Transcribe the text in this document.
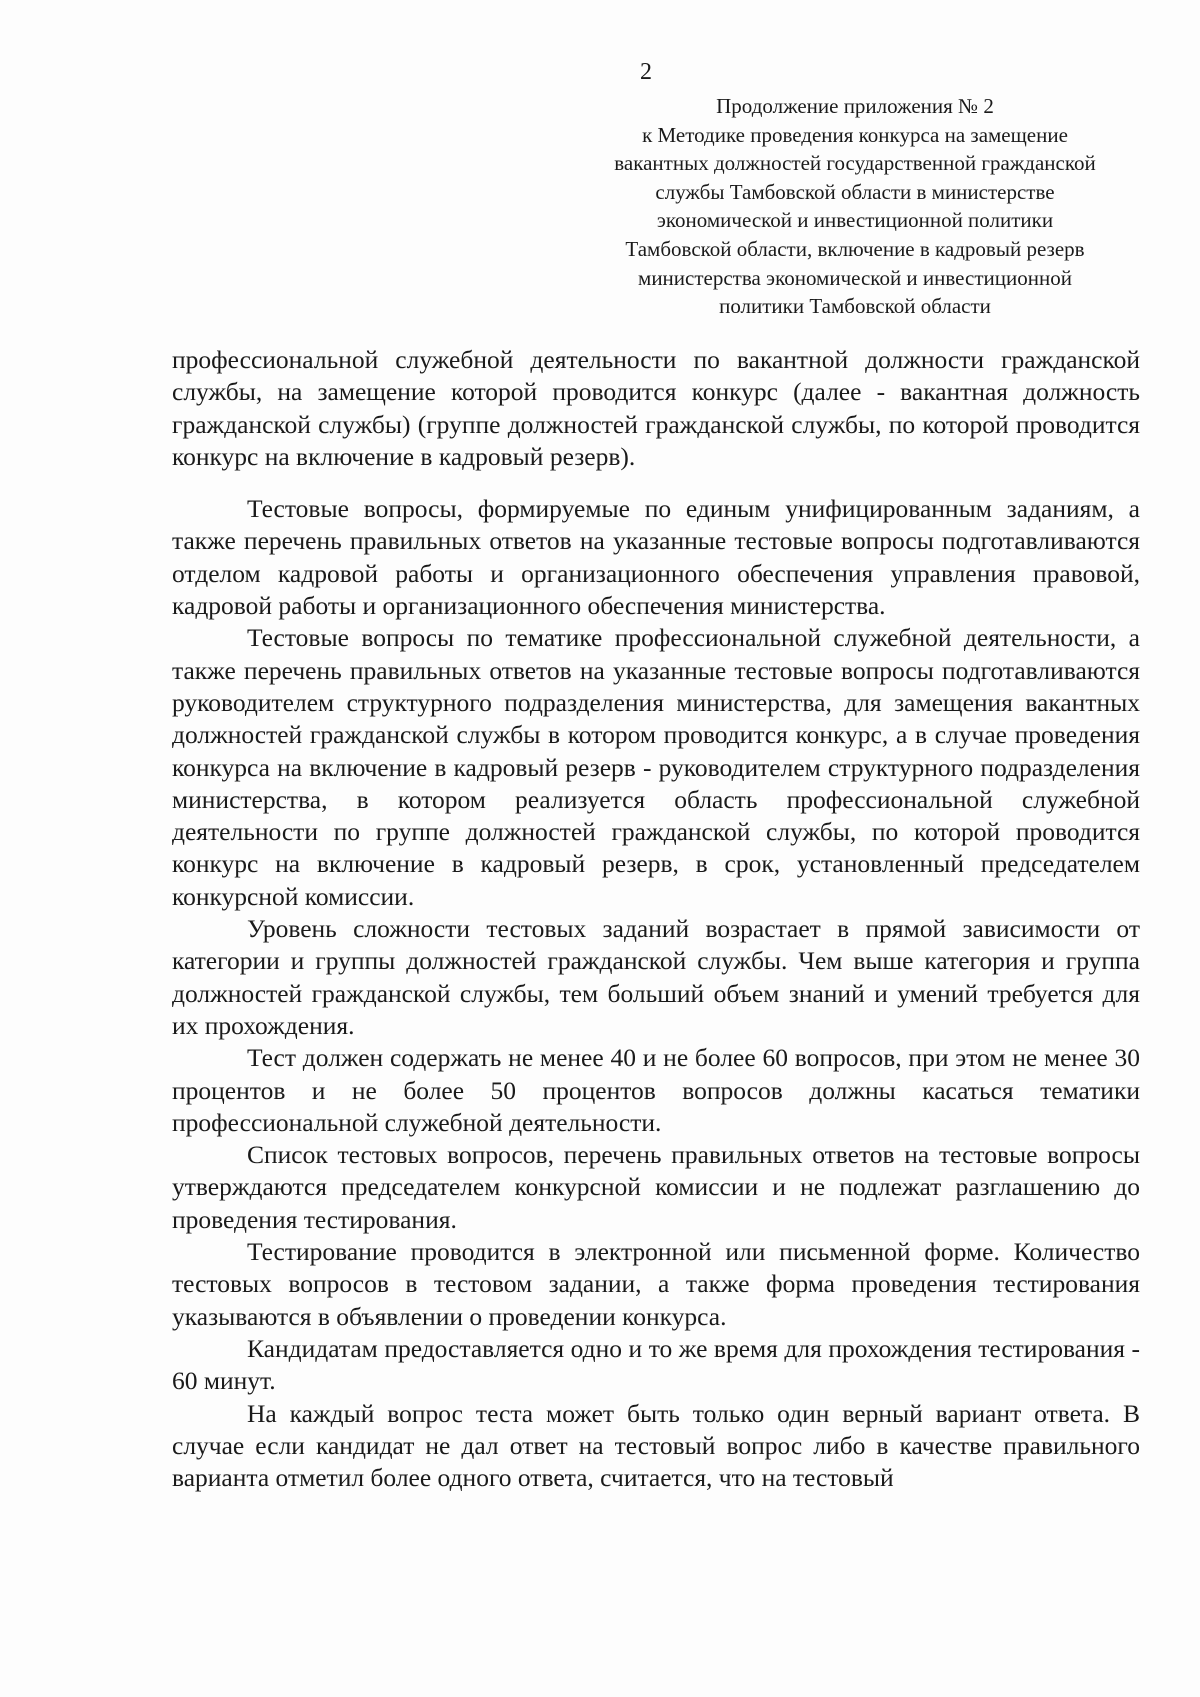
2
Продолжение приложения № 2
к Методике проведения конкурса на замещение
вакантных должностей государственной гражданской
службы Тамбовской области в министерстве
экономической и инвестиционной политики
Тамбовской области, включение в кадровый резерв
министерства экономической и инвестиционной
политики Тамбовской области

профессиональной служебной деятельности по вакантной должности гражданской службы, на замещение которой проводится конкурс (далее - вакантная должность гражданской службы) (группе должностей гражданской службы, по которой проводится конкурс на включение в кадровый резерв).

Тестовые вопросы, формируемые по единым унифицированным заданиям, а также перечень правильных ответов на указанные тестовые вопросы подготавливаются отделом кадровой работы и организационного обеспечения управления правовой, кадровой работы и организационного обеспечения министерства.

Тестовые вопросы по тематике профессиональной служебной деятельности, а также перечень правильных ответов на указанные тестовые вопросы подготавливаются руководителем структурного подразделения министерства, для замещения вакантных должностей гражданской службы в котором проводится конкурс, а в случае проведения конкурса на включение в кадровый резерв - руководителем структурного подразделения министерства, в котором реализуется область профессиональной служебной деятельности по группе должностей гражданской службы, по которой проводится конкурс на включение в кадровый резерв, в срок, установленный председателем конкурсной комиссии.

Уровень сложности тестовых заданий возрастает в прямой зависимости от категории и группы должностей гражданской службы. Чем выше категория и группа должностей гражданской службы, тем больший объем знаний и умений требуется для их прохождения.

Тест должен содержать не менее 40 и не более 60 вопросов, при этом не менее 30 процентов и не более 50 процентов вопросов должны касаться тематики профессиональной служебной деятельности.

Список тестовых вопросов, перечень правильных ответов на тестовые вопросы утверждаются председателем конкурсной комиссии и не подлежат разглашению до проведения тестирования.

Тестирование проводится в электронной или письменной форме. Количество тестовых вопросов в тестовом задании, а также форма проведения тестирования указываются в объявлении о проведении конкурса.

Кандидатам предоставляется одно и то же время для прохождения тестирования - 60 минут.

На каждый вопрос теста может быть только один верный вариант ответа. В случае если кандидат не дал ответ на тестовый вопрос либо в качестве правильного варианта отметил более одного ответа, считается, что на тестовый
